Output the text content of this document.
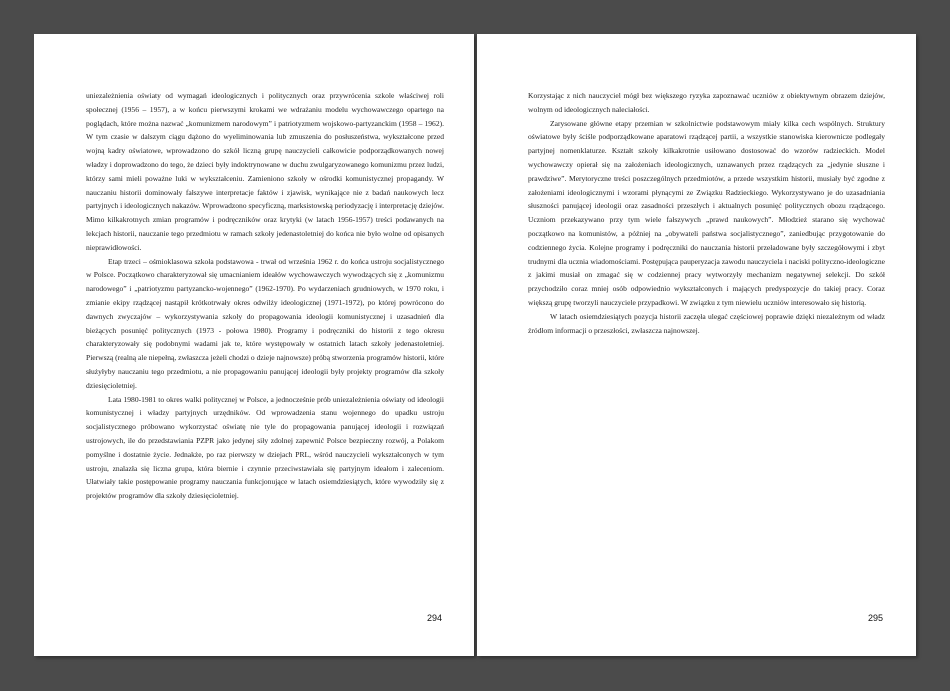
uniezależnienia oświaty od wymagań ideologicznych i politycznych oraz przywrócenia szkole właściwej roli społecznej (1956 – 1957), a w końcu pierwszymi krokami we wdrażaniu modelu wychowawczego opartego na poglądach, które można nazwać „komunizmem narodowym” i patriotyzmem wojskowo-partyzanckim (1958 – 1962). W tym czasie w dalszym ciągu dążono do wyeliminowania lub zmuszenia do posłuszeństwa, wykształcone przed wojną kadry oświatowe, wprowadzono do szkół liczną grupę nauczycieli całkowicie podporządkowanych nowej władzy i doprowadzono do tego, że dzieci były indoktrynowane w duchu zwulgaryzowanego komunizmu przez ludzi, którzy sami mieli poważne luki w wykształceniu. Zamieniono szkoły w ośrodki komunistycznej propagandy. W nauczaniu historii dominowały fałszywe interpretacje faktów i zjawisk, wynikające nie z badań naukowych lecz partyjnych i ideologicznych nakazów. Wprowadzono specyficzną, marksistowską periodyzację i interpretację dziejów. Mimo kilkakrotnych zmian programów i podręczników oraz krytyki (w latach 1956-1957) treści podawanych na lekcjach historii, nauczanie tego przedmiotu w ramach szkoły jedenastoletniej do końca nie było wolne od opisanych nieprawidłowości.

Etap trzeci – ośmioklasowa szkoła podstawowa - trwał od września 1962 r. do końca ustroju socjalistycznego w Polsce. Początkowo charakteryzował się umacnianiem ideałów wychowawczych wywodzących się z „komunizmu narodowego” i „patriotyzmu partyzancko-wojennego” (1962-1970). Po wydarzeniach grudniowych, w 1970 roku, i zmianie ekipy rządzącej nastąpił krótkotrwały okres odwilży ideologicznej (1971-1972), po której powrócono do dawnych zwyczajów – wykorzystywania szkoły do propagowania ideologii komunistycznej i uzasadnień dla bieżących posunięć politycznych (1973 - połowa 1980). Programy i podręczniki do historii z tego okresu charakteryzowały się podobnymi wadami jak te, które występowały w ostatnich latach szkoły jedenastoletniej. Pierwszą (realną ale niepełną, zwłaszcza jeżeli chodzi o dzieje najnowsze) próbą stworzenia programów historii, które służyłyby nauczaniu tego przedmiotu, a nie propagowaniu panującej ideologii były projekty programów dla szkoły dziesięcioletniej.

Lata 1980-1981 to okres walki politycznej w Polsce, a jednocześnie prób uniezależnienia oświaty od ideologii komunistycznej i władzy partyjnych urzędników. Od wprowadzenia stanu wojennego do upadku ustroju socjalistycznego próbowano wykorzystać oświatę nie tyle do propagowania panującej ideologii i rozwiązań ustrojowych, ile do przedstawiania PZPR jako jedynej siły zdolnej zapewnić Polsce bezpieczny rozwój, a Polakom pomyślne i dostatnie życie. Jednakże, po raz pierwszy w dziejach PRL, wśród nauczycieli wykształconych w tym ustroju, znalazła się liczna grupa, która biernie i czynnie przeciwstawiała się partyjnym ideałom i zaleceniom. Ułatwiały takie postępowanie programy nauczania funkcjonujące w latach osiemdziesiątych, które wywodziły się z projektów programów dla szkoły dziesięcioletniej.

294

Korzystając z nich nauczyciel mógł bez większego ryzyka zapoznawać uczniów z obiektywnym obrazem dziejów, wolnym od ideologicznych naleciałości.

Zarysowane główne etapy przemian w szkolnictwie podstawowym miały kilka cech wspólnych. Struktury oświatowe były ściśle podporządkowane aparatowi rządzącej partii, a wszystkie stanowiska kierownicze podlegały partyjnej nomenklaturze. Kształt szkoły kilkakrotnie usiłowano dostosować do wzorów radzieckich. Model wychowawczy opierał się na założeniach ideologicznych, uznawanych przez rządzących za „jedynie słuszne i prawdziwe”. Merytoryczne treści poszczególnych przedmiotów, a przede wszystkim historii, musiały być zgodne z założeniami ideologicznymi i wzorami płynącymi ze Związku Radzieckiego. Wykorzystywano je do uzasadniania słuszności panującej ideologii oraz zasadności przeszłych i aktualnych posunięć politycznych obozu rządzącego. Uczniom przekazywano przy tym wiele fałszywych „prawd naukowych”. Młodzież starano się wychować początkowo na komunistów, a później na „obywateli państwa socjalistycznego”, zaniedbując przygotowanie do codziennego życia. Kolejne programy i podręczniki do nauczania historii przeładowane były szczegółowymi i zbyt trudnymi dla ucznia wiadomościami. Postępująca pauperyzacja zawodu nauczyciela i naciski polityczno-ideologiczne z jakimi musiał on zmagać się w codziennej pracy wytworzyły mechanizm negatywnej selekcji. Do szkół przychodziło coraz mniej osób odpowiednio wykształconych i mających predyspozycje do takiej pracy. Coraz większą grupę tworzyli nauczyciele przypadkowi. W związku z tym niewielu uczniów interesowało się historią.

W latach osiemdziesiątych pozycja historii zaczęła ulegać częściowej poprawie dzięki niezależnym od władz źródłom informacji o przeszłości, zwłaszcza najnowszej.

295
